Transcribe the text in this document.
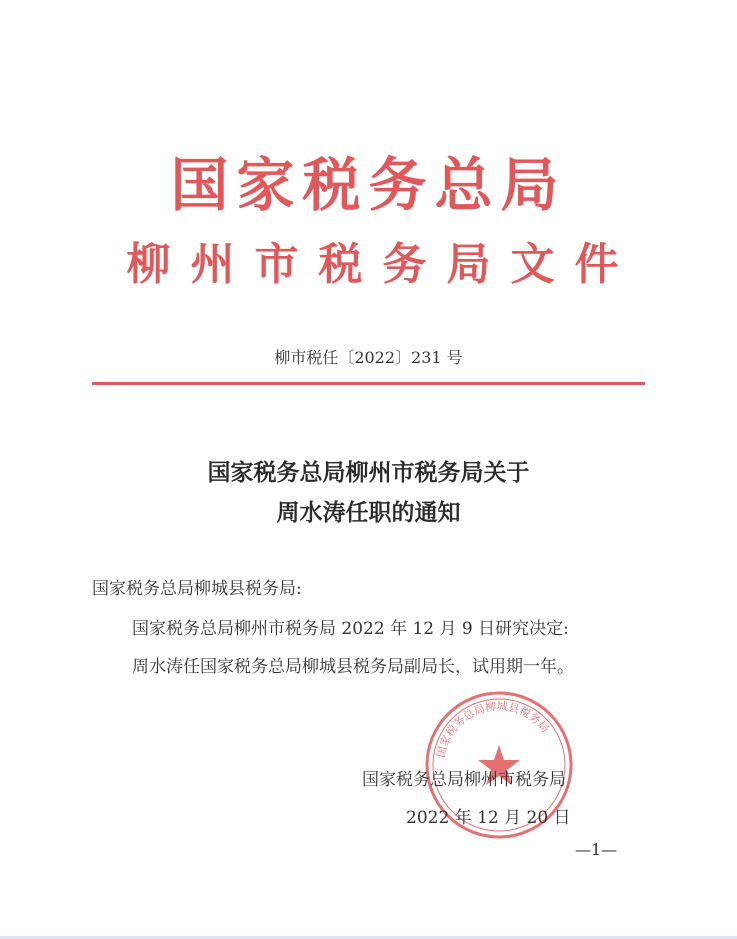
国家税务总局
柳州市税务局文件
柳市税任〔2022〕231 号
国家税务总局柳州市税务局关于
周水涛任职的通知
国家税务总局柳城县税务局:
国家税务总局柳州市税务局 2022 年 12 月 9 日研究决定:
周水涛任国家税务总局柳城县税务局副局长，试用期一年。
国家税务总局柳城县税务局
国家税务总局柳州市税务局
2022 年 12 月 20 日
—1—
